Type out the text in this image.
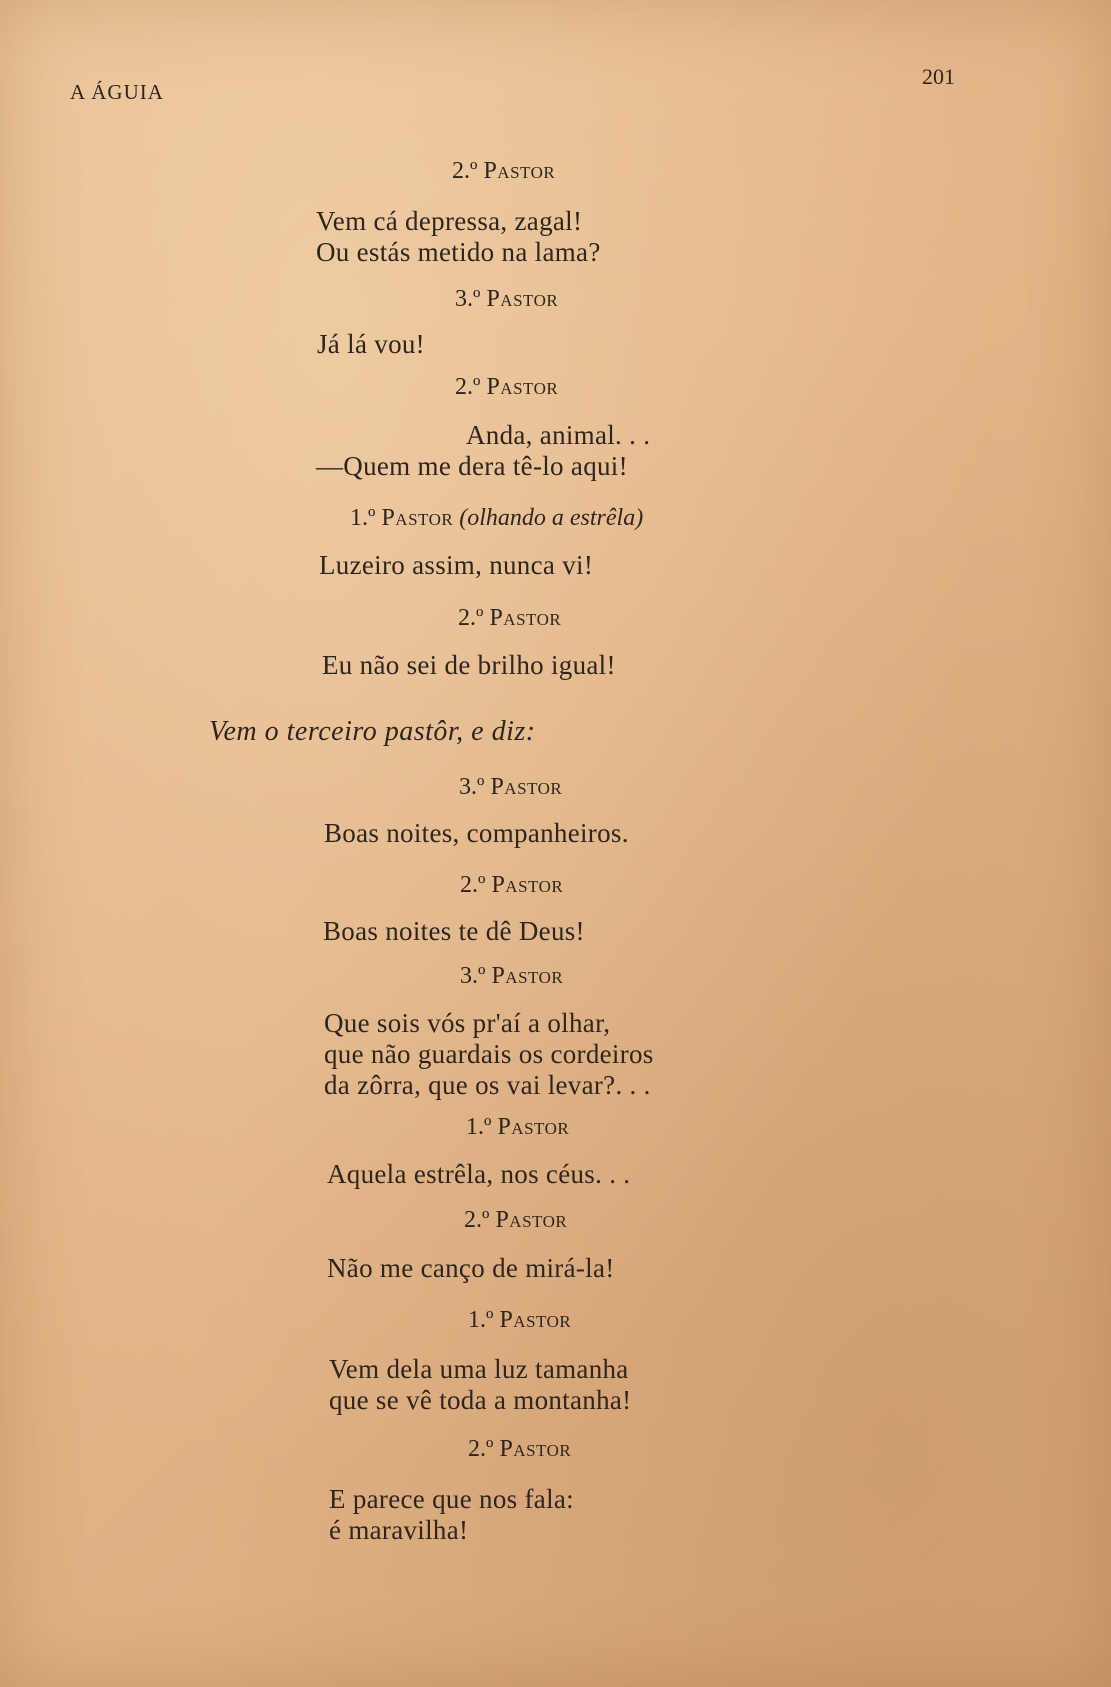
A ÁGUIA
201
2.º Pastor
Vem cá depressa, zagal!
Ou estás metido na lama?
3.º Pastor
Já lá vou!
2.º Pastor
Anda, animal. . .
—Quem me dera tê-lo aqui!
1.º Pastor (olhando a estrêla)
Luzeiro assim, nunca vi!
2.º Pastor
Eu não sei de brilho igual!
Vem o terceiro pastôr, e diz:
3.º Pastor
Boas noites, companheiros.
2.º Pastor
Boas noites te dê Deus!
3.º Pastor
Que sois vós pr'aí a olhar,
que não guardais os cordeiros
da zôrra, que os vai levar?. . .
1.º Pastor
Aquela estrêla, nos céus. . .
2.º Pastor
Não me canço de mirá-la!
1.º Pastor
Vem dela uma luz tamanha
que se vê toda a montanha!
2.º Pastor
E parece que nos fala:
é maravilha!
